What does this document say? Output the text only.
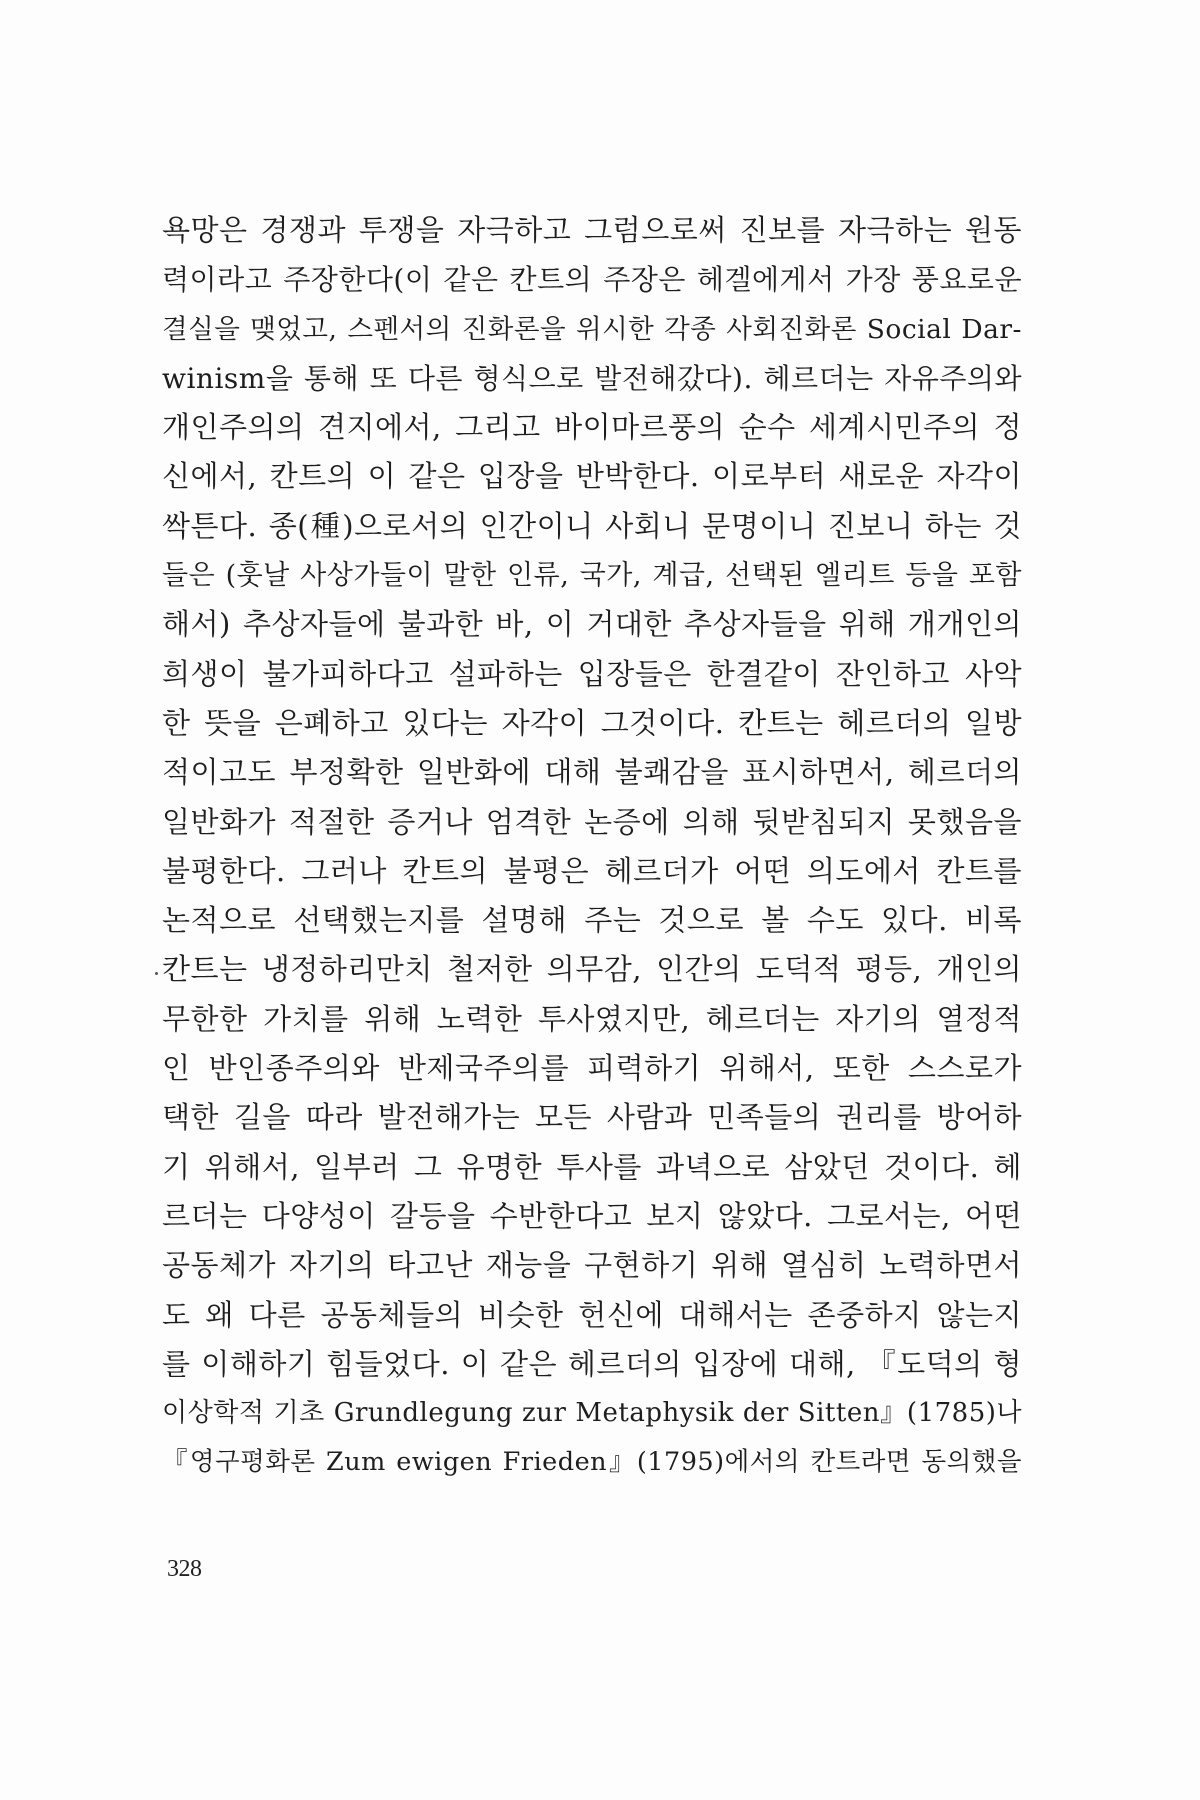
욕망은 경쟁과 투쟁을 자극하고 그럼으로써 진보를 자극하는 원동
력이라고 주장한다(이 같은 칸트의 주장은 헤겔에게서 가장 풍요로운
결실을 맺었고, 스펜서의 진화론을 위시한 각종 사회진화론 Social Dar-
winism을 통해 또 다른 형식으로 발전해갔다). 헤르더는 자유주의와
개인주의의 견지에서, 그리고 바이마르풍의 순수 세계시민주의 정
신에서, 칸트의 이 같은 입장을 반박한다. 이로부터 새로운 자각이
싹튼다. 종(種)으로서의 인간이니 사회니 문명이니 진보니 하는 것
들은 (훗날 사상가들이 말한 인류, 국가, 계급, 선택된 엘리트 등을 포함
해서) 추상자들에 불과한 바, 이 거대한 추상자들을 위해 개개인의
희생이 불가피하다고 설파하는 입장들은 한결같이 잔인하고 사악
한 뜻을 은폐하고 있다는 자각이 그것이다. 칸트는 헤르더의 일방
적이고도 부정확한 일반화에 대해 불쾌감을 표시하면서, 헤르더의
일반화가 적절한 증거나 엄격한 논증에 의해 뒷받침되지 못했음을
불평한다. 그러나 칸트의 불평은 헤르더가 어떤 의도에서 칸트를
논적으로 선택했는지를 설명해 주는 것으로 볼 수도 있다. 비록
칸트는 냉정하리만치 철저한 의무감, 인간의 도덕적 평등, 개인의
무한한 가치를 위해 노력한 투사였지만, 헤르더는 자기의 열정적
인 반인종주의와 반제국주의를 피력하기 위해서, 또한 스스로가
택한 길을 따라 발전해가는 모든 사람과 민족들의 권리를 방어하
기 위해서, 일부러 그 유명한 투사를 과녁으로 삼았던 것이다. 헤
르더는 다양성이 갈등을 수반한다고 보지 않았다. 그로서는, 어떤
공동체가 자기의 타고난 재능을 구현하기 위해 열심히 노력하면서
도 왜 다른 공동체들의 비슷한 헌신에 대해서는 존중하지 않는지
를 이해하기 힘들었다. 이 같은 헤르더의 입장에 대해, 『도덕의 형
이상학적 기초 Grundlegung zur Metaphysik der Sitten』(1785)나
『영구평화론 Zum ewigen Frieden』(1795)에서의 칸트라면 동의했을
328
